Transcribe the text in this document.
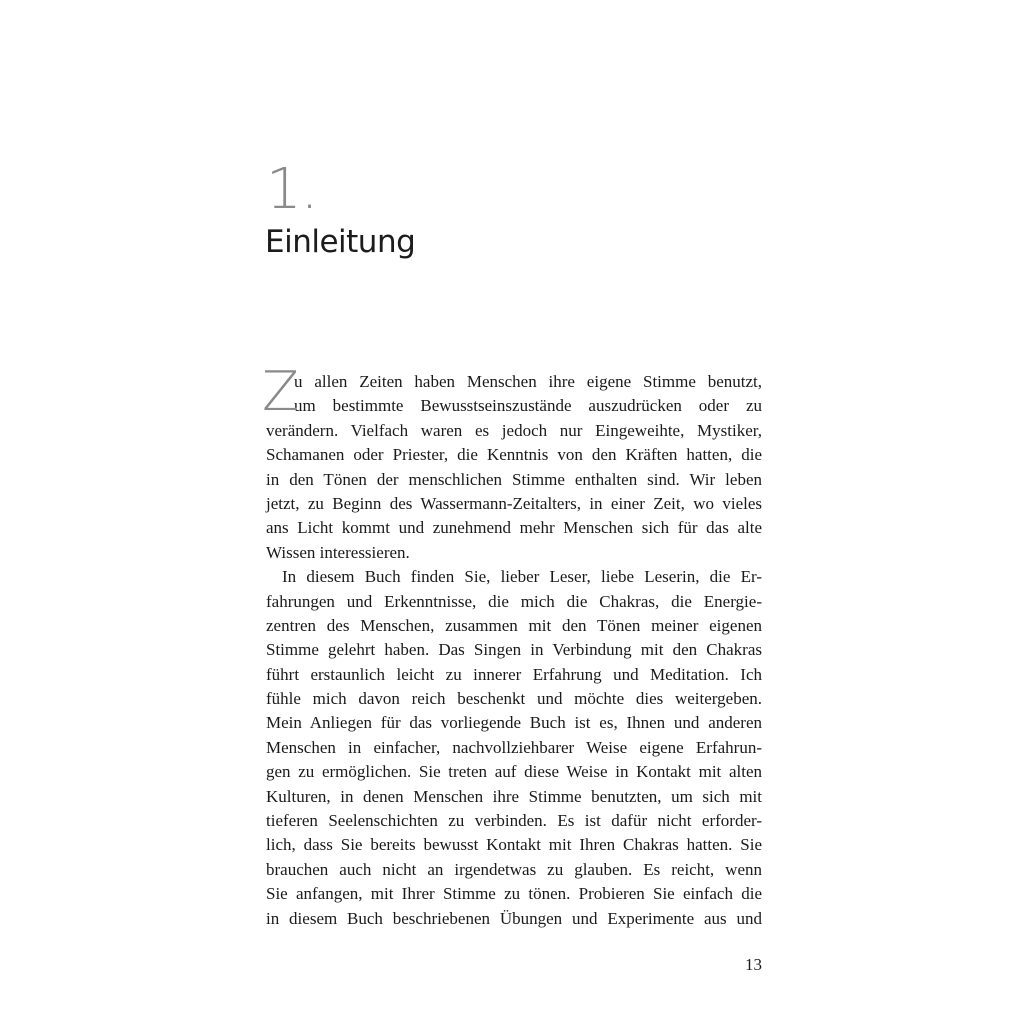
1.
Einleitung
Z
u allen Zeiten haben Menschen ihre eigene Stimme benutzt,
um bestimmte Bewusstseinszustände auszudrücken oder zu
verändern. Vielfach waren es jedoch nur Eingeweihte, Mystiker,
Schamanen oder Priester, die Kenntnis von den Kräften hatten, die
in den Tönen der menschlichen Stimme enthalten sind. Wir leben
jetzt, zu Beginn des Wassermann-Zeitalters, in einer Zeit, wo vieles
ans Licht kommt und zunehmend mehr Menschen sich für das alte
Wissen interessieren.
In diesem Buch finden Sie, lieber Leser, liebe Leserin, die Er-
fahrungen und Erkenntnisse, die mich die Chakras, die Energie-
zentren des Menschen, zusammen mit den Tönen meiner eigenen
Stimme gelehrt haben. Das Singen in Verbindung mit den Chakras
führt erstaunlich leicht zu innerer Erfahrung und Meditation. Ich
fühle mich davon reich beschenkt und möchte dies weitergeben.
Mein Anliegen für das vorliegende Buch ist es, Ihnen und anderen
Menschen in einfacher, nachvollziehbarer Weise eigene Erfahrun-
gen zu ermöglichen. Sie treten auf diese Weise in Kontakt mit alten
Kulturen, in denen Menschen ihre Stimme benutzten, um sich mit
tieferen Seelenschichten zu verbinden. Es ist dafür nicht erforder-
lich, dass Sie bereits bewusst Kontakt mit Ihren Chakras hatten. Sie
brauchen auch nicht an irgendetwas zu glauben. Es reicht, wenn
Sie anfangen, mit Ihrer Stimme zu tönen. Probieren Sie einfach die
in diesem Buch beschriebenen Übungen und Experimente aus und
13
